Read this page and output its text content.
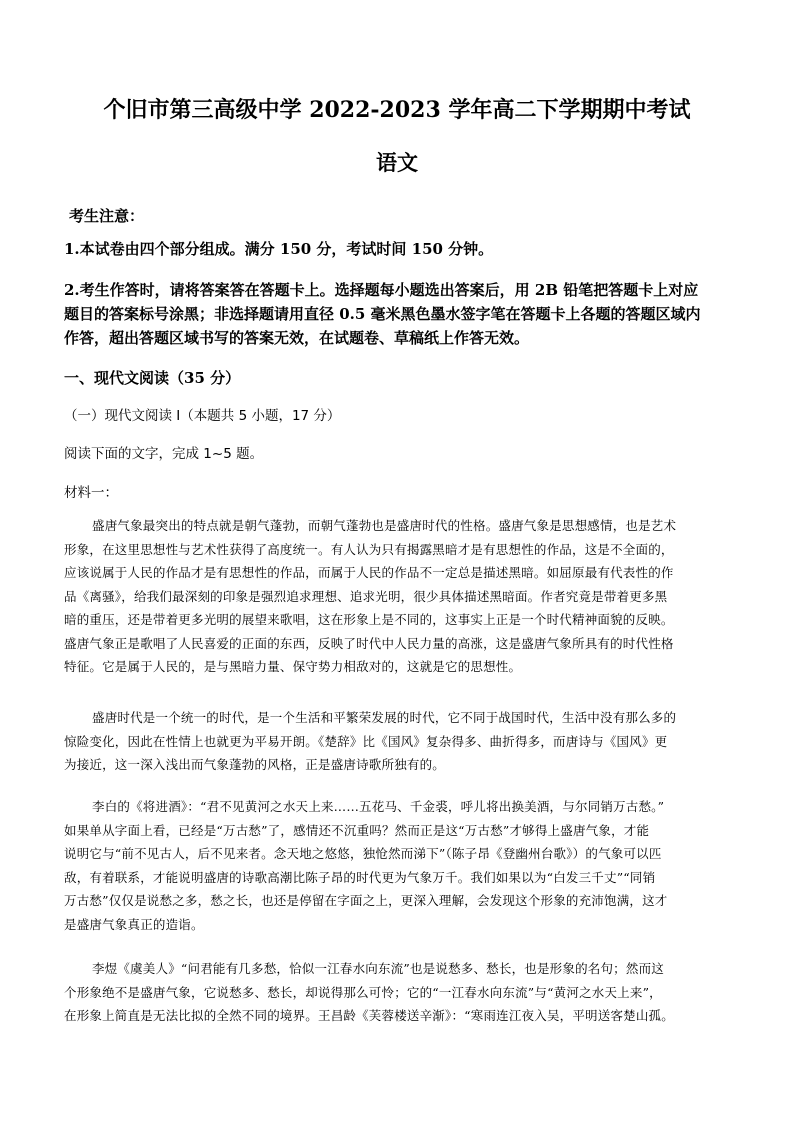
个旧市第三高级中学 2022-2023 学年高二下学期期中考试
语文
考生注意：
1.本试卷由四个部分组成。满分 150 分，考试时间 150 分钟。
2.考生作答时，请将答案答在答题卡上。选择题每小题选出答案后，用 2B 铅笔把答题卡上对应
题目的答案标号涂黑；非选择题请用直径 0.5 毫米黑色墨水签字笔在答题卡上各题的答题区域内
作答，超出答题区域书写的答案无效，在试题卷、草稿纸上作答无效。
一、现代文阅读（35 分）
（一）现代文阅读 I（本题共 5 小题，17 分）
阅读下面的文字，完成 1~5 题。
材料一：
盛唐气象最突出的特点就是朝气蓬勃，而朝气蓬勃也是盛唐时代的性格。盛唐气象是思想感情，也是艺术
形象，在这里思想性与艺术性获得了高度统一。有人认为只有揭露黑暗才是有思想性的作品，这是不全面的，
应该说属于人民的作品才是有思想性的作品，而属于人民的作品不一定总是描述黑暗。如屈原最有代表性的作
品《离骚》，给我们最深刻的印象是强烈追求理想、追求光明，很少具体描述黑暗面。作者究竟是带着更多黑
暗的重压，还是带着更多光明的展望来歌唱，这在形象上是不同的，这事实上正是一个时代精神面貌的反映。
盛唐气象正是歌唱了人民喜爱的正面的东西，反映了时代中人民力量的高涨，这是盛唐气象所具有的时代性格
特征。它是属于人民的，是与黑暗力量、保守势力相敌对的，这就是它的思想性。
盛唐时代是一个统一的时代，是一个生活和平繁荣发展的时代，它不同于战国时代，生活中没有那么多的
惊险变化，因此在性情上也就更为平易开朗。《楚辞》比《国风》复杂得多、曲折得多，而唐诗与《国风》更
为接近，这一深入浅出而气象蓬勃的风格，正是盛唐诗歌所独有的。
李白的《将进酒》：“君不见黄河之水天上来……五花马、千金裘，呼儿将出换美酒，与尔同销万古愁。”
如果单从字面上看，已经是“万古愁”了，感情还不沉重吗？然而正是这“万古愁”才够得上盛唐气象，才能
说明它与“前不见古人，后不见来者。念天地之悠悠，独怆然而涕下”（陈子昂《登幽州台歌》）的气象可以匹
敌，有着联系，才能说明盛唐的诗歌高潮比陈子昂的时代更为气象万千。我们如果以为“白发三千丈”“同销
万古愁”仅仅是说愁之多，愁之长，也还是停留在字面之上，更深入理解，会发现这个形象的充沛饱满，这才
是盛唐气象真正的造诣。
李煜《虞美人》“问君能有几多愁，恰似一江春水向东流”也是说愁多、愁长，也是形象的名句；然而这
个形象绝不是盛唐气象，它说愁多、愁长，却说得那么可怜；它的“一江春水向东流”与“黄河之水天上来”，
在形象上简直是无法比拟的全然不同的境界。王昌龄《芙蓉楼送辛渐》：“寒雨连江夜入吴，平明送客楚山孤。
